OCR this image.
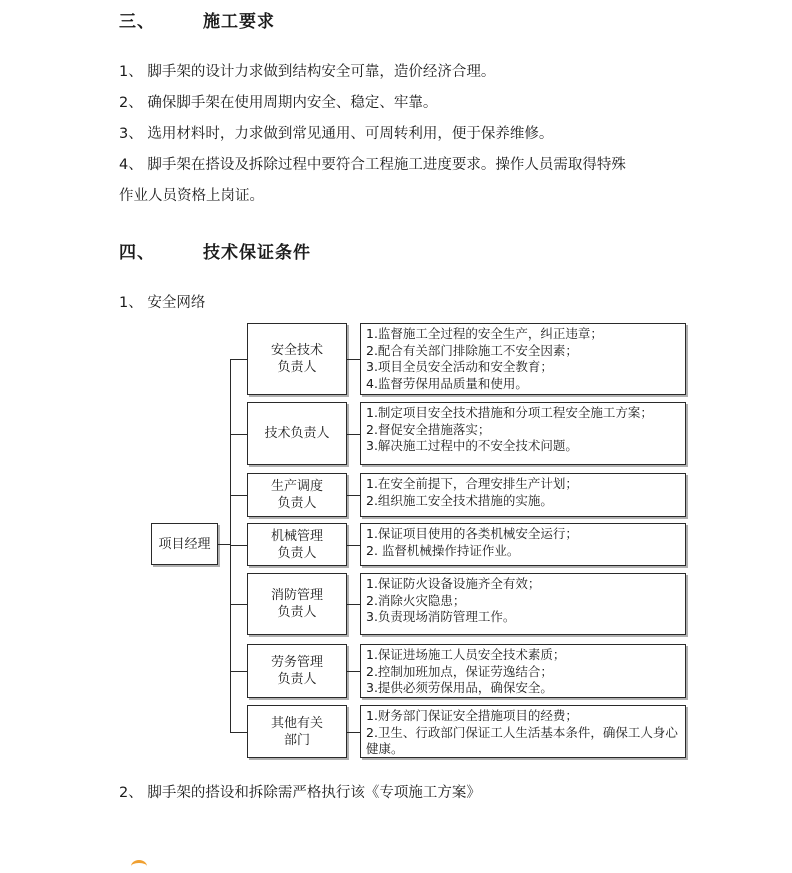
三、	施工要求
1、 脚手架的设计力求做到结构安全可靠，造价经济合理。
2、 确保脚手架在使用周期内安全、稳定、牢靠。
3、 选用材料时，力求做到常见通用、可周转利用，便于保养维修。
4、 脚手架在搭设及拆除过程中要符合工程施工进度要求。操作人员需取得特殊
作业人员资格上岗证。
四、	技术保证条件
1、 安全网络
项目经理
安全技术
负责人
1.监督施工全过程的安全生产，纠正违章；
2.配合有关部门排除施工不安全因素；
3.项目全员安全活动和安全教育；
4.监督劳保用品质量和使用。
技术负责人
1.制定项目安全技术措施和分项工程安全施工方案；
2.督促安全措施落实；
3.解决施工过程中的不安全技术问题。
生产调度
负责人
1.在安全前提下，合理安排生产计划；
2.组织施工安全技术措施的实施。
机械管理
负责人
1.保证项目使用的各类机械安全运行；
2. 监督机械操作持证作业。
消防管理
负责人
1.保证防火设备设施齐全有效；
2.消除火灾隐患；
3.负责现场消防管理工作。
劳务管理
负责人
1.保证进场施工人员安全技术素质；
2.控制加班加点，保证劳逸结合；
3.提供必须劳保用品，确保安全。
其他有关
部门
1.财务部门保证安全措施项目的经费；
2.卫生、行政部门保证工人生活基本条件，确保工人身心健康。
2、 脚手架的搭设和拆除需严格执行该《专项施工方案》
